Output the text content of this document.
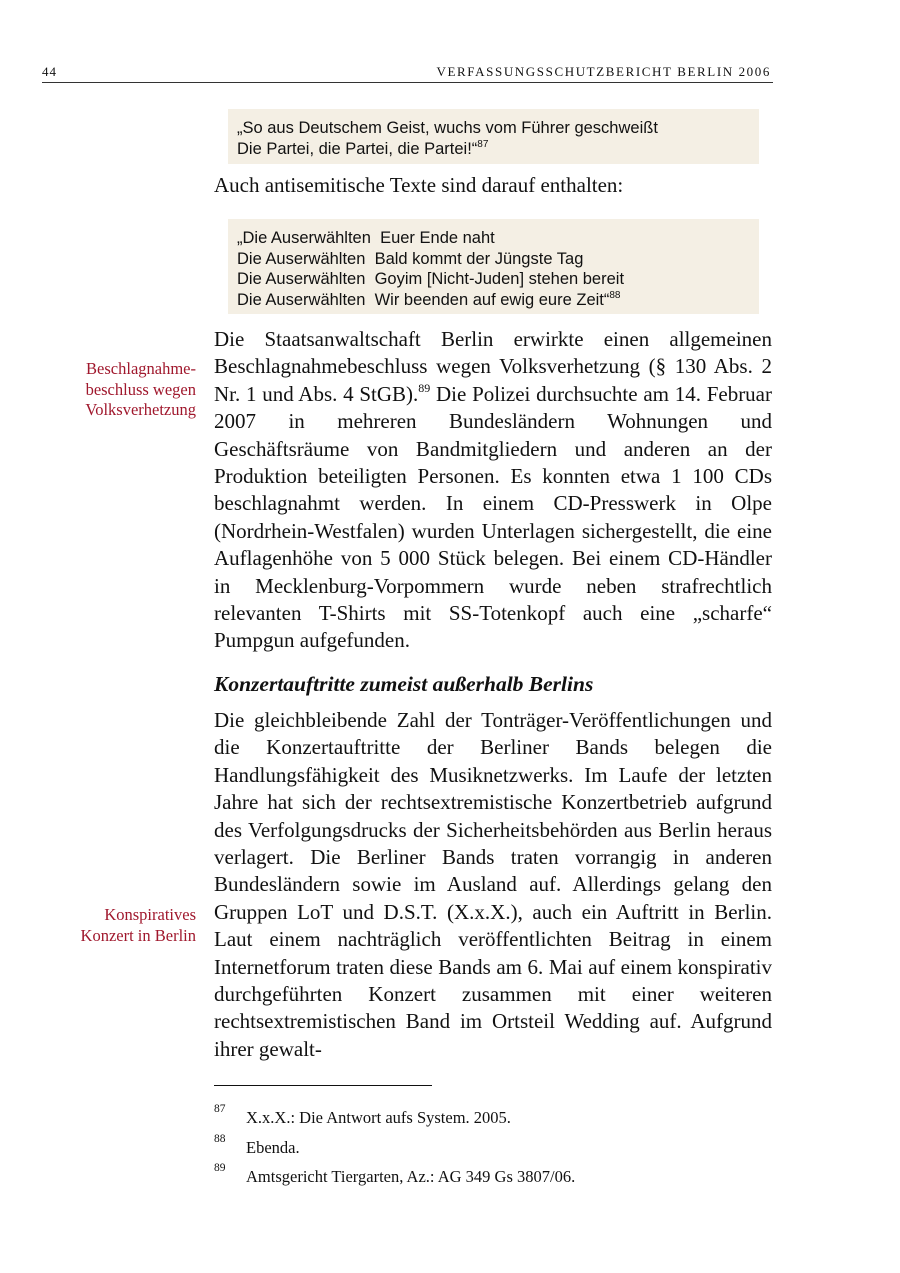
44	VERFASSUNGSSCHUTZBERICHT BERLIN 2006
„So aus Deutschem Geist, wuchs vom Führer geschweißt
Die Partei, die Partei, die Partei!“$^{87}$

Auch antisemitische Texte sind darauf enthalten:

„Die Auserwählten  Euer Ende naht
Die Auserwählten  Bald kommt der Jüngste Tag
Die Auserwählten  Goyim [Nicht-Juden] stehen bereit
Die Auserwählten  Wir beenden auf ewig eure Zeit“$^{88}$
Beschlagnahme-
beschluss wegen
Volksverhetzung

Die Staatsanwaltschaft Berlin erwirkte einen allgemeinen Beschlagnahmebeschluss wegen Volksverhetzung (§ 130 Abs. 2 Nr. 1 und Abs. 4 StGB).$^{89}$ Die Polizei durchsuchte am 14. Februar 2007 in mehreren Bundesländern Wohnungen und Geschäftsräume von Bandmitgliedern und anderen an der Produktion beteiligten Personen. Es konnten etwa 1 100 CDs beschlagnahmt werden. In einem CD-Presswerk in Olpe (Nordrhein-Westfalen) wurden Unterlagen sichergestellt, die eine Auflagenhöhe von 5 000 Stück belegen. Bei einem CD-Händler in Mecklenburg-Vorpommern wurde neben strafrechtlich relevanten T-Shirts mit SS-Totenkopf auch eine „scharfe“ Pumpgun aufgefunden.

Konzertauftritte zumeist außerhalb Berlins
Konspiratives
Konzert in Berlin

Die gleichbleibende Zahl der Tonträger-Veröffentlichungen und die Konzertauftritte der Berliner Bands belegen die Handlungsfähigkeit des Musiknetzwerks. Im Laufe der letzten Jahre hat sich der rechtsextremistische Konzertbetrieb aufgrund des Verfolgungsdrucks der Sicherheitsbehörden aus Berlin heraus verlagert. Die Berliner Bands traten vorrangig in anderen Bundesländern sowie im Ausland auf. Allerdings gelang den Gruppen LoT und D.S.T. (X.x.X.), auch ein Auftritt in Berlin. Laut einem nachträglich veröffentlichten Beitrag in einem Internetforum traten diese Bands am 6. Mai auf einem konspirativ durchgeführten Konzert zusammen mit einer weiteren rechtsextremistischen Band im Ortsteil Wedding auf. Aufgrund ihrer gewalt-

87 X.x.X.: Die Antwort aufs System. 2005.
88 Ebenda.
89 Amtsgericht Tiergarten, Az.: AG 349 Gs 3807/06.
